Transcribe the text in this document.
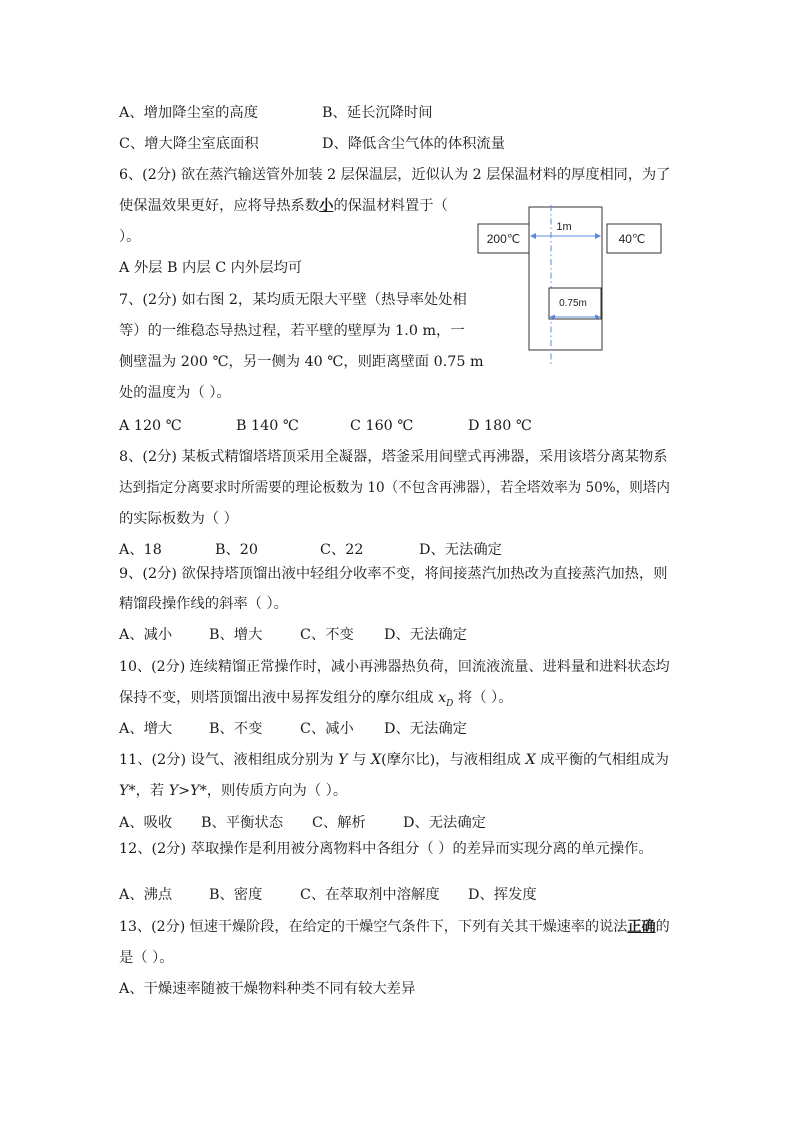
A、增加降尘室的高度	B、延长沉降时间
C、增大降尘室底面积	D、降低含尘气体的体积流量
6、(2分) 欲在蒸汽输送管外加装 2 层保温层，近似认为 2 层保温材料的厚度相同，为了
使保温效果更好，应将导热系数小的保温材料置于（
）。
A 外层 B 内层 C 内外层均可
7、(2分) 如右图 2，某均质无限大平壁（热导率处处相
等）的一维稳态导热过程，若平壁的壁厚为 1.0 m，一
侧壁温为 200 ℃，另一侧为 40 ℃，则距离壁面 0.75 m
处的温度为（ ）。
A 120 ℃	B 140 ℃	C 160 ℃	D 180 ℃
200℃	40℃
1m
0.75m
8、(2分) 某板式精馏塔塔顶采用全凝器，塔釜采用间壁式再沸器，采用该塔分离某物系
达到指定分离要求时所需要的理论板数为 10（不包含再沸器），若全塔效率为 50%，则塔内
的实际板数为（ ）
A、18	B、20	C、22	D、无法确定
9、(2分) 欲保持塔顶馏出液中轻组分收率不变，将间接蒸汽加热改为直接蒸汽加热，则
精馏段操作线的斜率（ ）。
A、减小	B、增大	C、不变 D、无法确定
10、(2分) 连续精馏正常操作时，减小再沸器热负荷，回流液流量、进料量和进料状态均
保持不变，则塔顶馏出液中易挥发组分的摩尔组成 $x_D$ 将（ ）。
A、增大	B、不变	C、减小 D、无法确定
11、(2分) 设气、液相组成分别为 Y 与 X(摩尔比)，与液相组成 X 成平衡的气相组成为
Y*，若 Y>Y*，则传质方向为（ ）。
A、吸收 B、平衡状态 C、解析	D、无法确定
12、(2分) 萃取操作是利用被分离物料中各组分（ ）的差异而实现分离的单元操作。
A、沸点	B、密度	C、在萃取剂中溶解度 D、挥发度
13、(2分) 恒速干燥阶段，在给定的干燥空气条件下，下列有关其干燥速率的说法正确的
是（ ）。
A、干燥速率随被干燥物料种类不同有较大差异
